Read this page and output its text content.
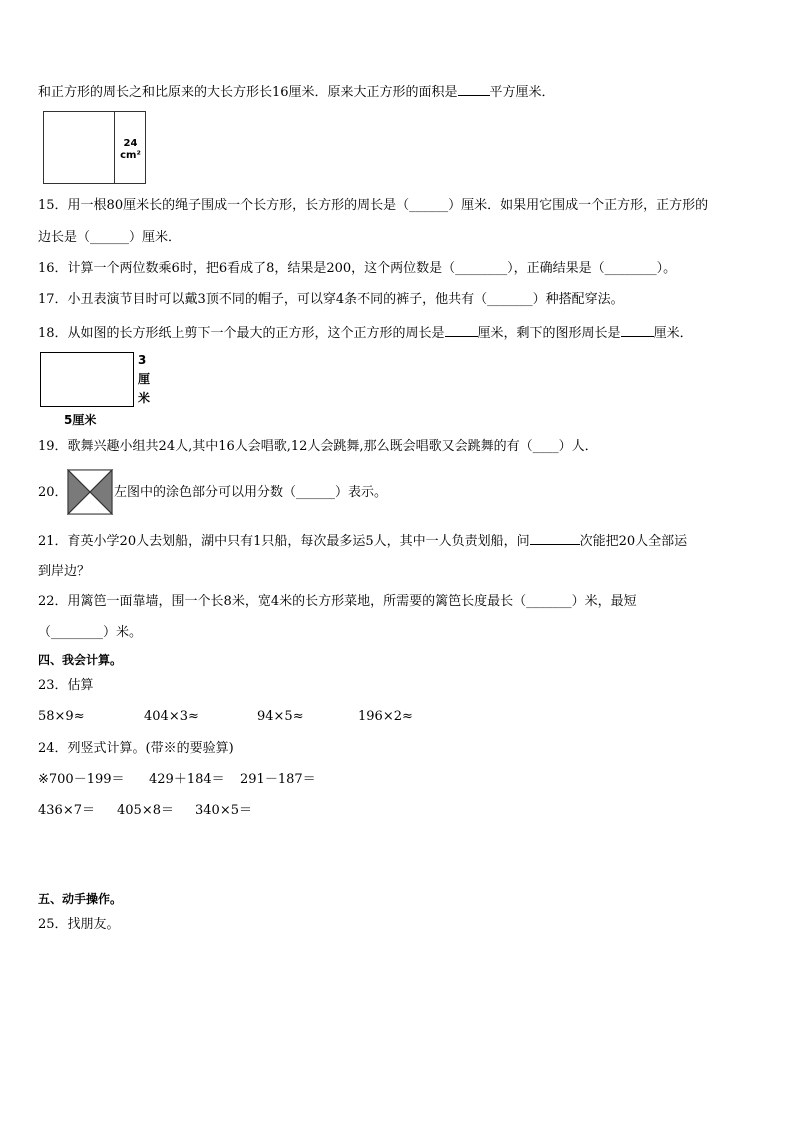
和正方形的周长之和比原来的大长方形长16厘米．原来大正方形的面积是 平方厘米．
24
cm²
15．用一根80厘米长的绳子围成一个长方形，长方形的周长是（______）厘米．如果用它围成一个正方形，正方形的
边长是（______）厘米．
16．计算一个两位数乘6时，把6看成了8，结果是200，这个两位数是（________），正确结果是（________）。
17．小丑表演节目时可以戴3顶不同的帽子，可以穿4条不同的裤子，他共有（_______）种搭配穿法。
18．从如图的长方形纸上剪下一个最大的正方形，这个正方形的周长是	厘米，剩下的图形周长是	厘米．
3
厘
米
5厘米
19．歌舞兴趣小组共24人,其中16人会唱歌,12人会跳舞,那么既会唱歌又会跳舞的有（____）人．
20．	左图中的涂色部分可以用分数（______）表示。
21．育英小学20人去划船，湖中只有1只船，每次最多运5人，其中一人负责划船，问	次能把20人全部运
到岸边？
22．用篱笆一面靠墙，围一个长8米，宽4米的长方形菜地，所需要的篱笆长度最长（_______）米，最短
（________）米。
四、我会计算。
23．估算
58×9≈	404×3≈	94×5≈	196×2≈
24．列竖式计算。(带※的要验算)
※700－199＝ 429＋184＝ 291－187＝
436×7＝ 405×8＝ 340×5＝
五、动手操作。
25．找朋友。
